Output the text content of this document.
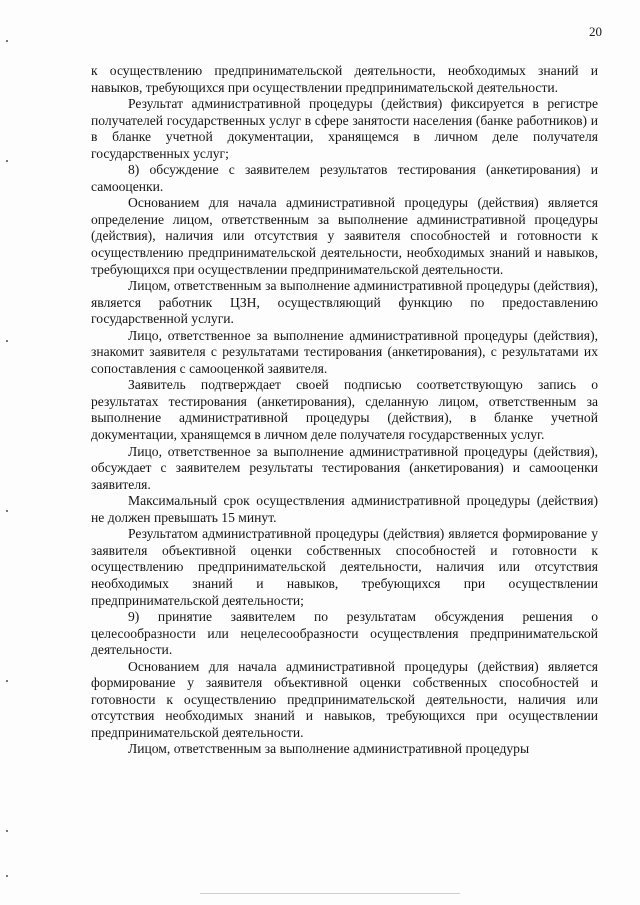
20

к осуществлению предпринимательской деятельности, необходимых знаний и навыков, требующихся при осуществлении предпринимательской деятельности.

Результат административной процедуры (действия) фиксируется в регистре получателей государственных услуг в сфере занятости населения (банке работников) и в бланке учетной документации, хранящемся в личном деле получателя государственных услуг;

8) обсуждение с заявителем результатов тестирования (анкетирования) и самооценки.

Основанием для начала административной процедуры (действия) является определение лицом, ответственным за выполнение административной процедуры (действия), наличия или отсутствия у заявителя способностей и готовности к осуществлению предпринимательской деятельности, необходимых знаний и навыков, требующихся при осуществлении предпринимательской деятельности.

Лицом, ответственным за выполнение административной процедуры (действия), является работник ЦЗН, осуществляющий функцию по предоставлению государственной услуги.

Лицо, ответственное за выполнение административной процедуры (действия), знакомит заявителя с результатами тестирования (анкетирования), с результатами их сопоставления с самооценкой заявителя.

Заявитель подтверждает своей подписью соответствующую запись о результатах тестирования (анкетирования), сделанную лицом, ответственным за выполнение административной процедуры (действия), в бланке учетной документации, хранящемся в личном деле получателя государственных услуг.

Лицо, ответственное за выполнение административной процедуры (действия), обсуждает с заявителем результаты тестирования (анкетирования) и самооценки заявителя.

Максимальный срок осуществления административной процедуры (действия) не должен превышать 15 минут.

Результатом административной процедуры (действия) является формирование у заявителя объективной оценки собственных способностей и готовности к осуществлению предпринимательской деятельности, наличия или отсутствия необходимых знаний и навыков, требующихся при осуществлении предпринимательской деятельности;

9) принятие заявителем по результатам обсуждения решения о целесообразности или нецелесообразности осуществления предпринимательской деятельности.

Основанием для начала административной процедуры (действия) является формирование у заявителя объективной оценки собственных способностей и готовности к осуществлению предпринимательской деятельности, наличия или отсутствия необходимых знаний и навыков, требующихся при осуществлении предпринимательской деятельности.

Лицом, ответственным за выполнение административной процедуры
